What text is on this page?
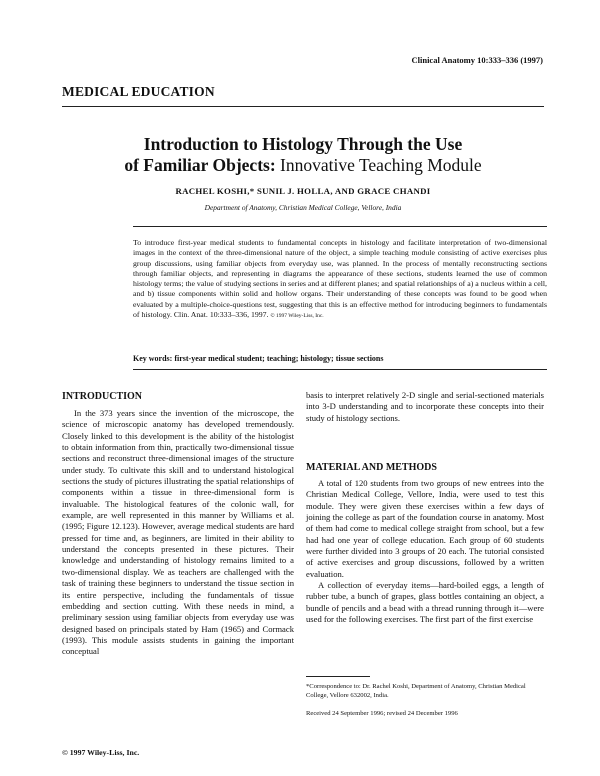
Clinical Anatomy 10:333–336 (1997)
MEDICAL EDUCATION
Introduction to Histology Through the Use
of Familiar Objects: Innovative Teaching Module
RACHEL KOSHI,* SUNIL J. HOLLA, AND GRACE CHANDI
Department of Anatomy, Christian Medical College, Vellore, India
To introduce first-year medical students to fundamental concepts in histology and facilitate interpretation of two-dimensional images in the context of the three-dimensional nature of the object, a simple teaching module consisting of active exercises plus group discussions, using familiar objects from everyday use, was planned. In the process of mentally reconstructing sections through familiar objects, and representing in diagrams the appearance of these sections, students learned the use of common histology terms; the value of studying sections in series and at different planes; and spatial relationships of a) a nucleus within a cell, and b) tissue components within solid and hollow organs. Their understanding of these concepts was found to be good when evaluated by a multiple-choice-questions test, suggesting that this is an effective method for introducing beginners to fundamentals of histology. Clin. Anat. 10:333–336, 1997. © 1997 Wiley-Liss, Inc.
Key words: first-year medical student; teaching; histology; tissue sections
INTRODUCTION

In the 373 years since the invention of the microscope, the science of microscopic anatomy has developed tremendously. Closely linked to this development is the ability of the histologist to obtain information from thin, practically two-dimensional tissue sections and reconstruct three-dimensional images of the structure under study. To cultivate this skill and to understand histological sections the study of pictures illustrating the spatial relationships of components within a tissue in three-dimensional form is invaluable. The histological features of the colonic wall, for example, are well represented in this manner by Williams et al. (1995; Figure 12.123). However, average medical students are hard pressed for time and, as beginners, are limited in their ability to understand the concepts presented in these pictures. Their knowledge and understanding of histology remains limited to a two-dimensional display. We as teachers are challenged with the task of training these beginners to understand the tissue section in its entire perspective, including the fundamentals of tissue embedding and section cutting. With these needs in mind, a preliminary session using familiar objects from everyday use was designed based on principals stated by Ham (1965) and Cormack (1993). This module assists students in gaining the important conceptual

basis to interpret relatively 2-D single and serial-sectioned materials into 3-D understanding and to incorporate these concepts into their study of histology sections.

MATERIAL AND METHODS

A total of 120 students from two groups of new entrees into the Christian Medical College, Vellore, India, were used to test this module. They were given these exercises within a few days of joining the college as part of the foundation course in anatomy. Most of them had come to medical college straight from school, but a few had had one year of college education. Each group of 60 students were further divided into 3 groups of 20 each. The tutorial consisted of active exercises and group discussions, followed by a written evaluation.

A collection of everyday items—hard-boiled eggs, a length of rubber tube, a bunch of grapes, glass bottles containing an object, a bundle of pencils and a bead with a thread running through it—were used for the following exercises. The first part of the first exercise

*Correspondence to: Dr. Rachel Koshi, Department of Anatomy, Christian Medical College, Vellore 632002, India.
Received 24 September 1996; revised 24 December 1996
© 1997 Wiley-Liss, Inc.
